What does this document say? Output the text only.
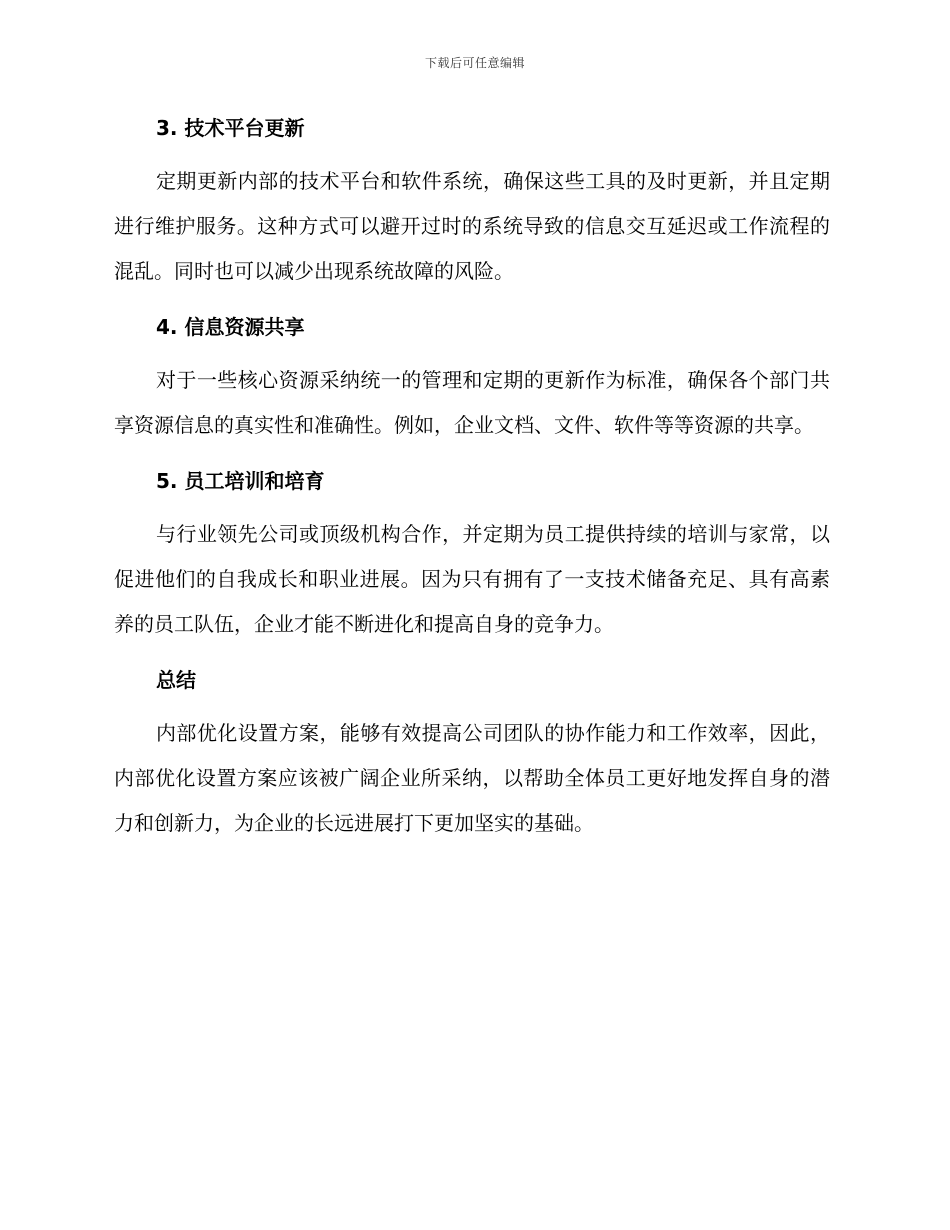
下载后可任意编辑
3. 技术平台更新

定期更新内部的技术平台和软件系统，确保这些工具的及时更新，并且定期进行维护服务。这种方式可以避开过时的系统导致的信息交互延迟或工作流程的混乱。同时也可以减少出现系统故障的风险。

4. 信息资源共享

对于一些核心资源采纳统一的管理和定期的更新作为标准，确保各个部门共享资源信息的真实性和准确性。例如，企业文档、文件、软件等等资源的共享。

5. 员工培训和培育

与行业领先公司或顶级机构合作，并定期为员工提供持续的培训与家常，以促进他们的自我成长和职业进展。因为只有拥有了一支技术储备充足、具有高素养的员工队伍，企业才能不断进化和提高自身的竞争力。

总结

内部优化设置方案，能够有效提高公司团队的协作能力和工作效率，因此，内部优化设置方案应该被广阔企业所采纳，以帮助全体员工更好地发挥自身的潜力和创新力，为企业的长远进展打下更加坚实的基础。
